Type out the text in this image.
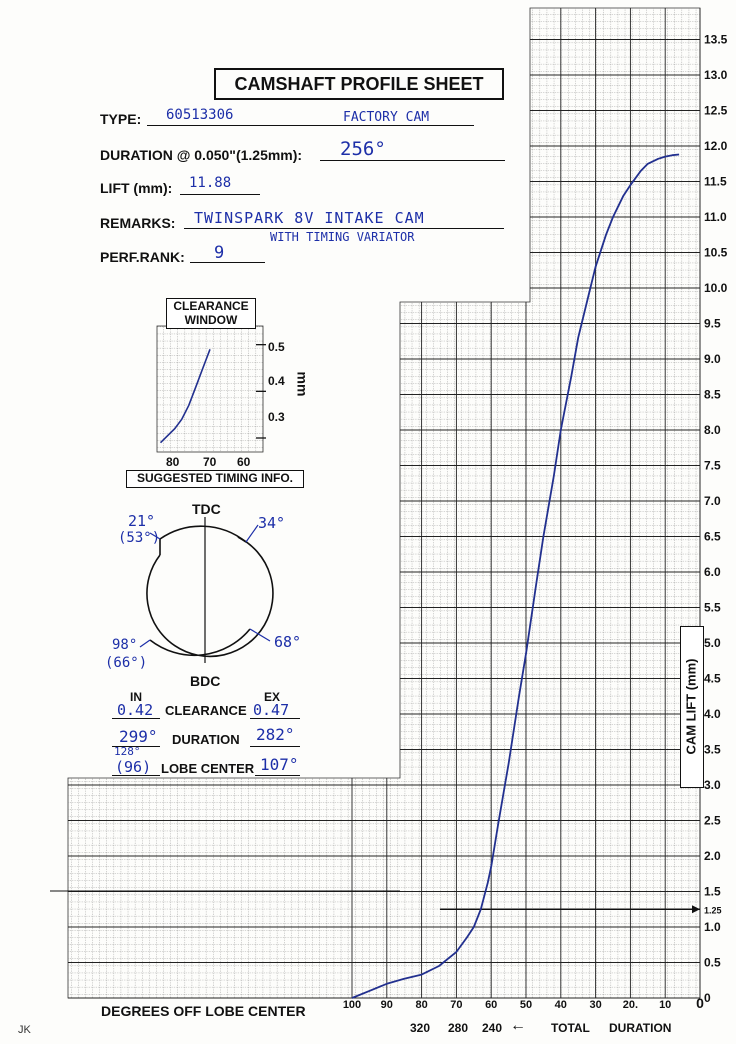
13.5
13.0
12.5
12.0
11.5
11.0
10.5
10.0
9.5
9.0
8.5
8.0
7.5
7.0
6.5
6.0
5.5
5.0
4.5
4.0
3.5
3.0
2.5
2.0
1.5
1.25
1.0
0.5
0
100 90 80 70 60 50 40 30 20. 10 0
CAMSHAFT PROFILE SHEET
TYPE: 60513306	FACTORY CAM
DURATION @ 0.050"(1.25mm): 256°
LIFT (mm): 11.88
REMARKS: TWINSPARK 8V INTAKE CAM
WITH TIMING VARIATOR
PERF.RANK: 9
CLEARANCE
WINDOW
0.5
0.4
0.3
mm
80 70 60
SUGGESTED TIMING INFO.
TDC
BDC
21°
(53°)
34°
98°
(66°)
68°
IN	EX
0.42 CLEARANCE 0.47
299° DURATION 282°
128°
(96) LOBE CENTER 107°
DEGREES OFF LOBE CENTER
320 280 240 ← TOTAL DURATION
CAM LIFT (mm)
JK
